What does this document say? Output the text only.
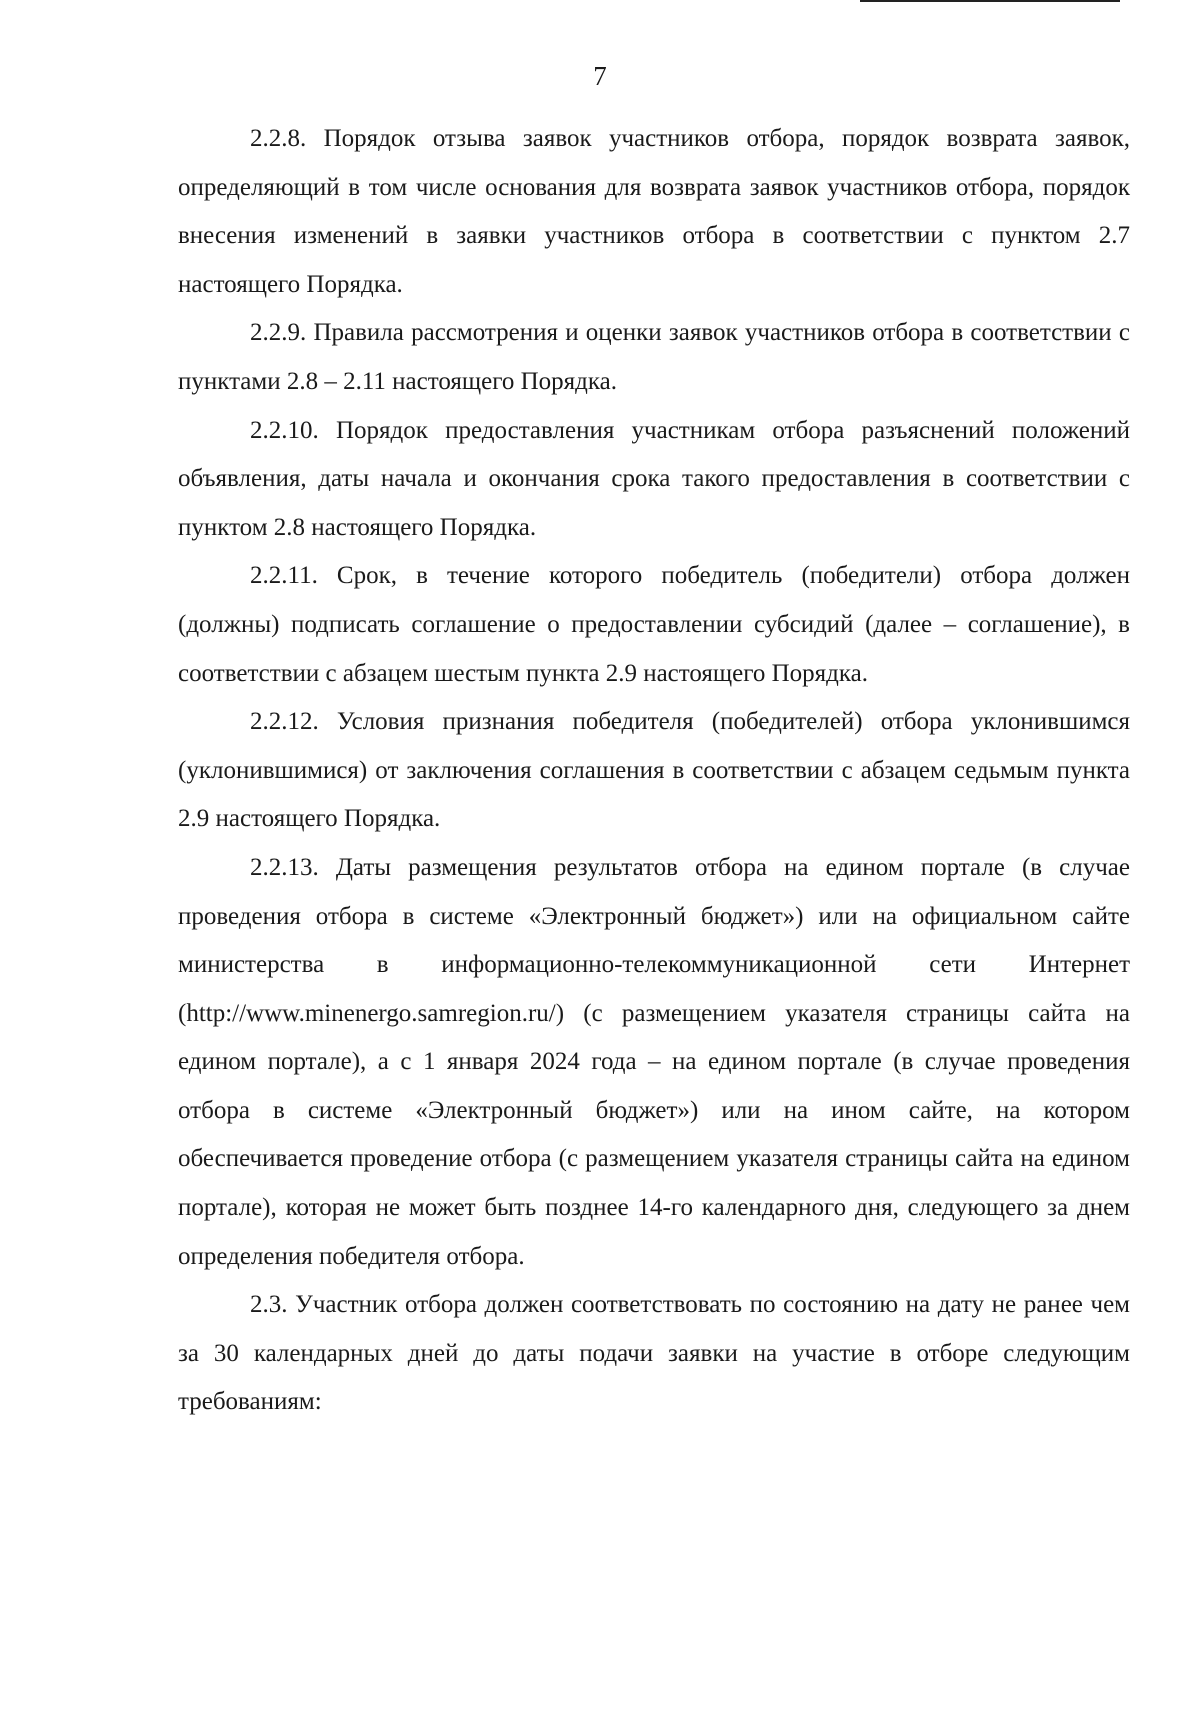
7

2.2.8. Порядок отзыва заявок участников отбора, порядок возврата заявок, определяющий в том числе основания для возврата заявок участников отбора, порядок внесения изменений в заявки участников отбора в соответствии с пунктом 2.7 настоящего Порядка.

2.2.9. Правила рассмотрения и оценки заявок участников отбора в соответствии с пунктами 2.8 – 2.11 настоящего Порядка.

2.2.10. Порядок предоставления участникам отбора разъяснений положений объявления, даты начала и окончания срока такого предоставления в соответствии с пунктом 2.8 настоящего Порядка.

2.2.11. Срок, в течение которого победитель (победители) отбора должен (должны) подписать соглашение о предоставлении субсидий (далее – соглашение), в соответствии с абзацем шестым пункта 2.9 настоящего Порядка.

2.2.12. Условия признания победителя (победителей) отбора уклонившимся (уклонившимися) от заключения соглашения в соответствии с абзацем седьмым пункта 2.9 настоящего Порядка.

2.2.13. Даты размещения результатов отбора на едином портале (в случае проведения отбора в системе «Электронный бюджет») или на официальном сайте министерства в информационно-телекоммуникационной сети Интернет (http://www.minenergo.samregion.ru/) (с размещением указателя страницы сайта на едином портале), а с 1 января 2024 года – на едином портале (в случае проведения отбора в системе «Электронный бюджет») или на ином сайте, на котором обеспечивается проведение отбора (с размещением указателя страницы сайта на едином портале), которая не может быть позднее 14-го календарного дня, следующего за днем определения победителя отбора.

2.3. Участник отбора должен соответствовать по состоянию на дату не ранее чем за 30 календарных дней до даты подачи заявки на участие в отборе следующим требованиям:
